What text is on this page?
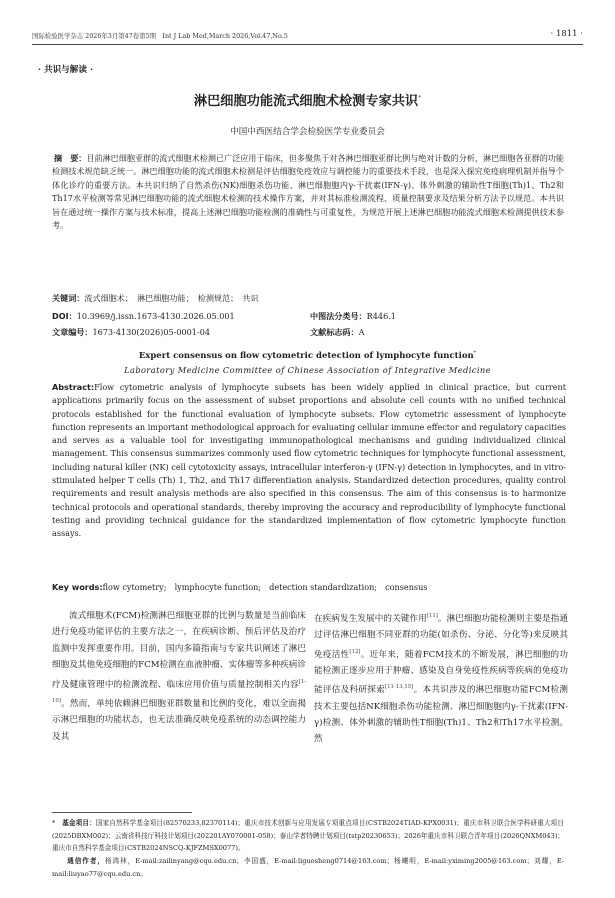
国际检验医学杂志 2026年3月第47卷第5期　Int J Lab Med,March 2026,Vol.47,No.5	· 1811 ·
· 共识与解读 ·
淋巴细胞功能流式细胞术检测专家共识*
中国中西医结合学会检验医学专业委员会

摘　要：目前淋巴细胞亚群的流式细胞术检测已广泛应用于临床，但多聚焦于对各淋巴细胞亚群比例与绝对计数的分析，淋巴细胞各亚群的功能检测技术规范缺乏统一。淋巴细胞功能的流式细胞术检测是评估细胞免疫效应与调控能力的重要技术手段，也是深入探究免疫病理机制并指导个体化诊疗的重要方法。本共识归纳了自然杀伤(NK)细胞杀伤功能、淋巴细胞胞内γ-干扰素(IFN-γ)、体外刺激的辅助性T细胞(Th)1、Th2和Th17水平检测等常见淋巴细胞功能的流式细胞术检测的技术操作方案，并对其标准检测流程、质量控制要求及结果分析方法予以规范。本共识旨在通过统一操作方案与技术标准，提高上述淋巴细胞功能检测的准确性与可重复性，为规范开展上述淋巴细胞功能流式细胞术检测提供技术参考。

关键词：流式细胞术；　 淋巴细胞功能；　 检测规范；　 共识
DOI：10.3969/j.issn.1673-4130.2026.05.001	中图法分类号：R446.1
文章编号：1673-4130(2026)05-0001-04	文献标志码：A
Expert consensus on flow cytometric detection of lymphocyte function*
Laboratory Medicine Committee of Chinese Association of Integrative Medicine

Abstract:Flow cytometric analysis of lymphocyte subsets has been widely applied in clinical practice, but current applications primarily focus on the assessment of subset proportions and absolute cell counts with no unified technical protocols established for the functional evaluation of lymphocyte subsets. Flow cytometric assessment of lymphocyte function represents an important methodological approach for evaluating cellular immune effector and regulatory capacities and serves as a valuable tool for investigating immunopathological mechanisms and guiding individualized clinical management. This consensus summarizes commonly used flow cytometric techniques for lymphocyte functional assessment, including natural killer (NK) cell cytotoxicity assays, intracellular interferon-γ (IFN-γ) detection in lymphocytes, and in vitro-stimulated helper T cells (Th) 1, Th2, and Th17 differentiation analysis. Standardized detection procedures, quality control requirements and result analysis methods are also specified in this consensus. The aim of this consensus is to harmonize technical protocols and operational standards, thereby improving the accuracy and reproducibility of lymphocyte functional testing and providing technical guidance for the standardized implementation of flow cytometric lymphocyte function assays.

Key words:flow cytometry;　 lymphocyte function;　 detection standardization;　 consensus

流式细胞术(FCM)检测淋巴细胞亚群的比例与数量是当前临床进行免疫功能评估的主要方法之一，在疾病诊断、预后评估及治疗监测中发挥重要作用。目前，国内多篇指南与专家共识阐述了淋巴细胞及其他免疫细胞的FCM检测在血液肿瘤、实体瘤等多种疾病诊疗及健康管理中的检测流程、临床应用价值与质量控制相关内容[1-10]。然而，单纯依赖淋巴细胞亚群数量和比例的变化，难以全面揭示淋巴细胞的功能状态，也无法准确反映免疫系统的动态调控能力及其

在疾病发生发展中的关键作用[11]。淋巴细胞功能检测则主要是指通过评估淋巴细胞不同亚群的功能(如杀伤、分泌、分化等)来反映其免疫活性[12]。近年来，随着FCM技术的不断发展，淋巴细胞的功能检测正逐步应用于肿瘤、感染及自身免疫性疾病等疾病的免疫功能评估及科研探索[11-13,15]。本共识涉及的淋巴细胞功能FCM检测技术主要包括NK细胞杀伤功能检测、淋巴细胞胞内γ-干扰素(IFN-γ)检测、体外刺激的辅助性T细胞(Th)1、Th2和Th17水平检测。然

*　 基金项目：国家自然科学基金项目(82570233,82370114)；重庆市技术创新与应用发展专项重点项目(CSTB2024TIAD-KPX0031)；重庆市科卫联合医学科研重大项目(2025DBXM002)；云南省科技厅科技计划项目(202201AY070001-058)；泰山学者特聘计划项目(tstp20230653)；2026年重庆市科卫联合青年项目(2026QNXM043)；重庆市自然科学基金项目(CSTB2024NSCQ-KJFZMSX0077)。

　　通信作者，杨鸿林，E-mail:zailinyang@cqu.edu.cn；李国盛，E-mail:liguosheng0714@163.com；杨曦明，E-mail:yximing2005@163.com；刘耀，E-mail:liuyao77@cqu.edu.cn。
